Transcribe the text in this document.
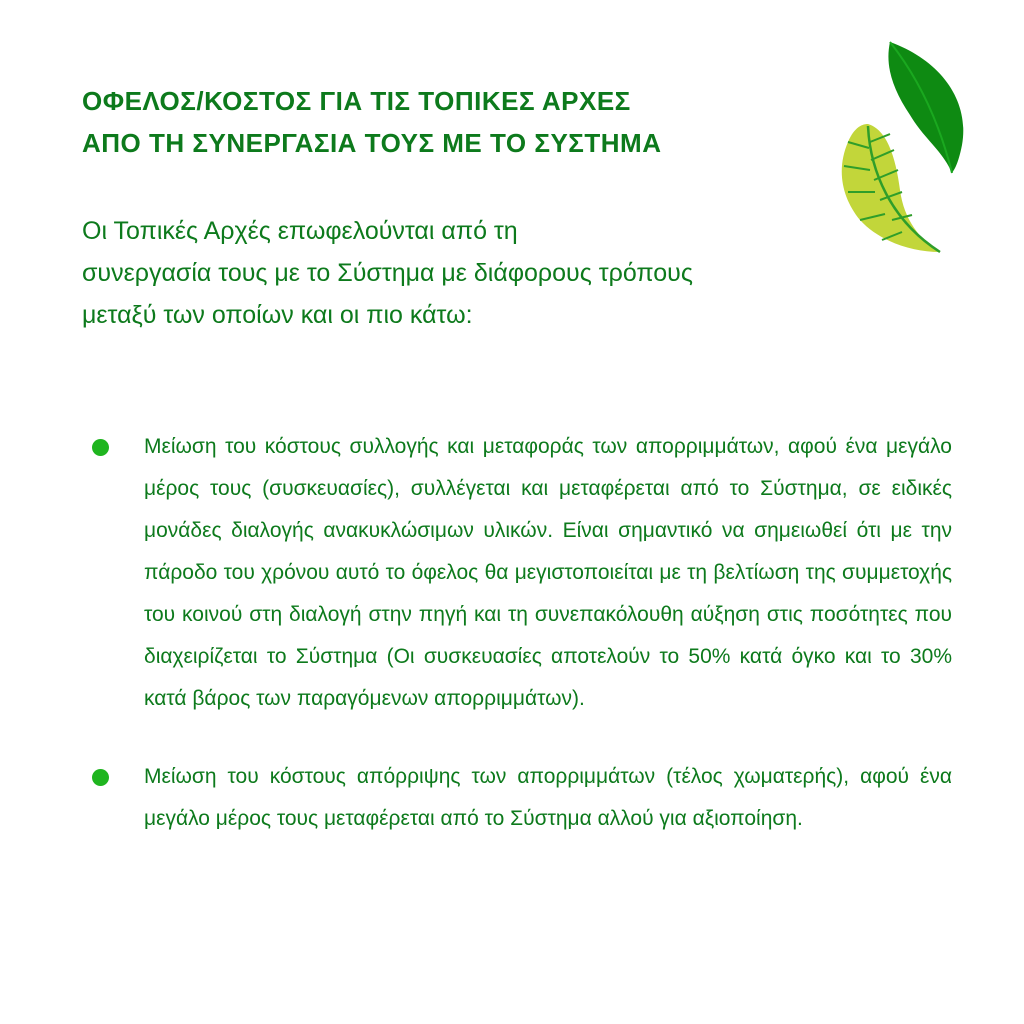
ΟΦΕΛΟΣ/ΚΟΣΤΟΣ ΓΙΑ ΤΙΣ ΤΟΠΙΚΕΣ ΑΡΧΕΣ
ΑΠΟ ΤΗ ΣΥΝΕΡΓΑΣΙΑ ΤΟΥΣ ΜΕ ΤΟ ΣΥΣΤΗΜΑ

Οι Τοπικές Αρχές επωφελούνται από τη
συνεργασία τους με το Σύστημα με διάφορους τρόπους
μεταξύ των οποίων και οι πιο κάτω:

Μείωση του κόστους συλλογής και μεταφοράς των απορριμμάτων, αφού ένα μεγάλο μέρος τους (συσκευασίες), συλλέγεται και μεταφέρεται από το Σύστημα, σε ειδικές μονάδες διαλογής ανακυκλώσιμων υλικών. Είναι σημαντικό να σημειωθεί ότι με την πάροδο του χρόνου αυτό το όφελος θα μεγιστοποιείται με τη βελτίωση της συμμετοχής του κοινού στη διαλογή στην πηγή και τη συνεπακόλουθη αύξηση στις ποσότητες που διαχειρίζεται το Σύστημα (Οι συσκευασίες αποτελούν το 50% κατά όγκο και το 30% κατά βάρος των παραγόμενων απορριμμάτων).
Μείωση του κόστους απόρριψης των απορριμμάτων (τέλος χωματερής), αφού ένα μεγάλο μέρος τους μεταφέρεται από το Σύστημα αλλού για αξιοποίηση.
